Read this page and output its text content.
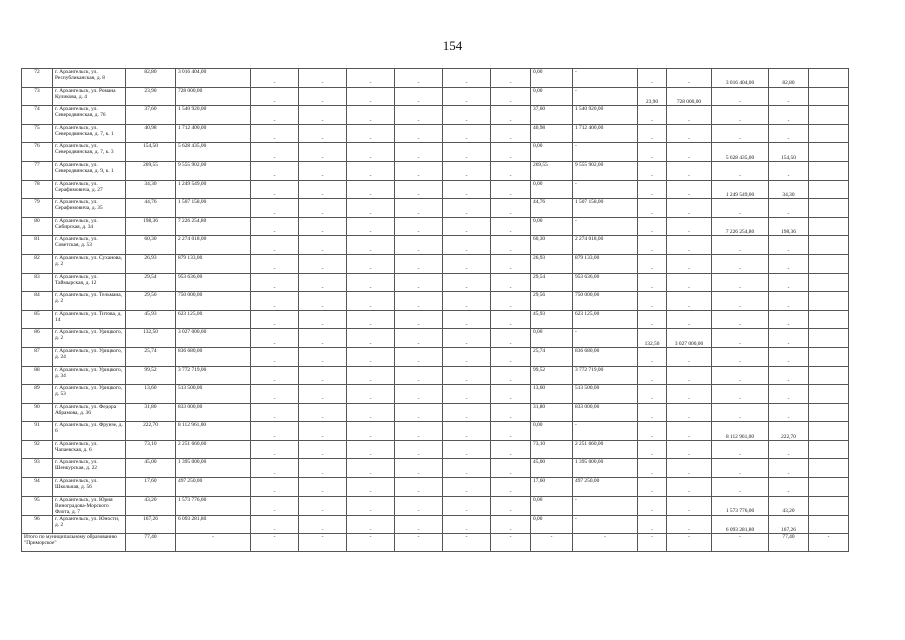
154
72	г. Архангельск, ул. Республиканская, д. 8	82,80	3 016 404,00	-	-	-	-	-	-	0,00	-	-	-	3 016 404,00	82,80	
73	г. Архангельск, ул. Романа Куликова, д. 4	23,90	728 000,00	-	-	-	-	-	-	0,00	-	23,90	728 000,00	-	-	
74	г. Архангельск, ул. Северодвинская, д. 76	37,60	1 540 920,00	-	-	-	-	-	-	37,60	1 540 920,00	-	-	-	-	
75	г. Архангельск, ул. Северодвинская, д. 7, к. 1	40,98	1 712 400,00	-	-	-	-	-	-	40,98	1 712 400,00	-	-	-	-	
76	г. Архангельск, ул. Северодвинская, д. 7, к. 3	154,50	5 628 435,00	-	-	-	-	-	-	0,00	-	-	-	5 628 435,00	154,50	
77	г. Архангельск, ул. Северодвинская, д. 9, к. 1	269,55	9 555 902,00	-	-	-	-	-	-	269,55	9 555 902,00	-	-	-	-	
78	г. Архангельск, ул. Серафимовича, д. 27	34,30	1 249 549,00	-	-	-	-	-	-	0,00	-	-	-	1 249 549,00	34,30	
79	г. Архангельск, ул. Серафимовича, д. 35	44,76	1 507 158,00	-	-	-	-	-	-	44,76	1 507 158,00	-	-	-	-	
80	г. Архангельск, ул. Сибирская, д. 34	198,36	7 226 254,80	-	-	-	-	-	-	0,00	-	-	-	7 226 254,80	198,36	
81	г. Архангельск, ул. Советская, д. 53	60,30	2 274 018,00	-	-	-	-	-	-	60,30	2 274 018,00	-	-	-	-	
82	г. Архангельск, ул. Суханова, д. 2	26,93	879 133,00	-	-	-	-	-	-	26,93	879 133,00	-	-	-	-	
83	г. Архангельск, ул. Таймырская, д. 12	29,54	953 636,00	-	-	-	-	-	-	29,54	953 636,00	-	-	-	-	
84	г. Архангельск, ул. Тельмана, д. 2	29,56	750 000,00	-	-	-	-	-	-	29,56	750 000,00	-	-	-	-	
85	г. Архангельск, ул. Титова, д. 14	45,93	623 125,00	-	-	-	-	-	-	45,93	623 125,00	-	-	-	-	
86	г. Архангельск, ул. Урицкого, д. 2	132,50	3 027 000,00	-	-	-	-	-	-	0,00	-	132,50	3 027 000,00	-	-	
87	г. Архангельск, ул. Урицкого, д. 24	25,74	836 680,00	-	-	-	-	-	-	25,74	836 680,00	-	-	-	-	
88	г. Архангельск, ул. Урицкого, д. 34	99,52	3 772 719,00	-	-	-	-	-	-	99,52	3 772 719,00	-	-	-	-	
89	г. Архангельск, ул. Урицкого, д. 53	13,60	513 500,00	-	-	-	-	-	-	13,60	513 500,00	-	-	-	-	
90	г. Архангельск, ул. Федора Абрамова, д. 36	31,80	833 000,00	-	-	-	-	-	-	31,80	833 000,00	-	-	-	-	
91	г. Архангельск, ул. Фрунзе, д. 6	222,70	8 112 961,00	-	-	-	-	-	-	0,00	-	-	-	8 112 961,00	222,70	
92	г. Архангельск, ул. Чапаевская, д. 6	73,10	2 251 660,00	-	-	-	-	-	-	73,10	2 251 660,00	-	-	-	-	
93	г. Архангельск, ул. Шенкурская, д. 22	45,00	1 395 000,00	-	-	-	-	-	-	45,00	1 395 000,00	-	-	-	-	
94	г. Архангельск, ул. Школьная, д. 56	17,60	497 250,00	-	-	-	-	-	-	17,60	497 250,00	-	-	-	-	
95	г. Архангельск, ул. Юрия Виноградова-Морского Флота, д. 7	43,20	1 573 776,00	-	-	-	-	-	-	0,00	-	-	-	1 573 776,00	43,20	
96	г. Архангельск, ул. Юности, д. 2	167,26	6 093 281,80	-	-	-	-	-	-	0,00	-	-	-	6 093 281,80	167,26	
Итого по муниципальному образованию "Приморское"		77,40	-	-	-	-	-	-	-	-	-	-	-	-	77,40	-
